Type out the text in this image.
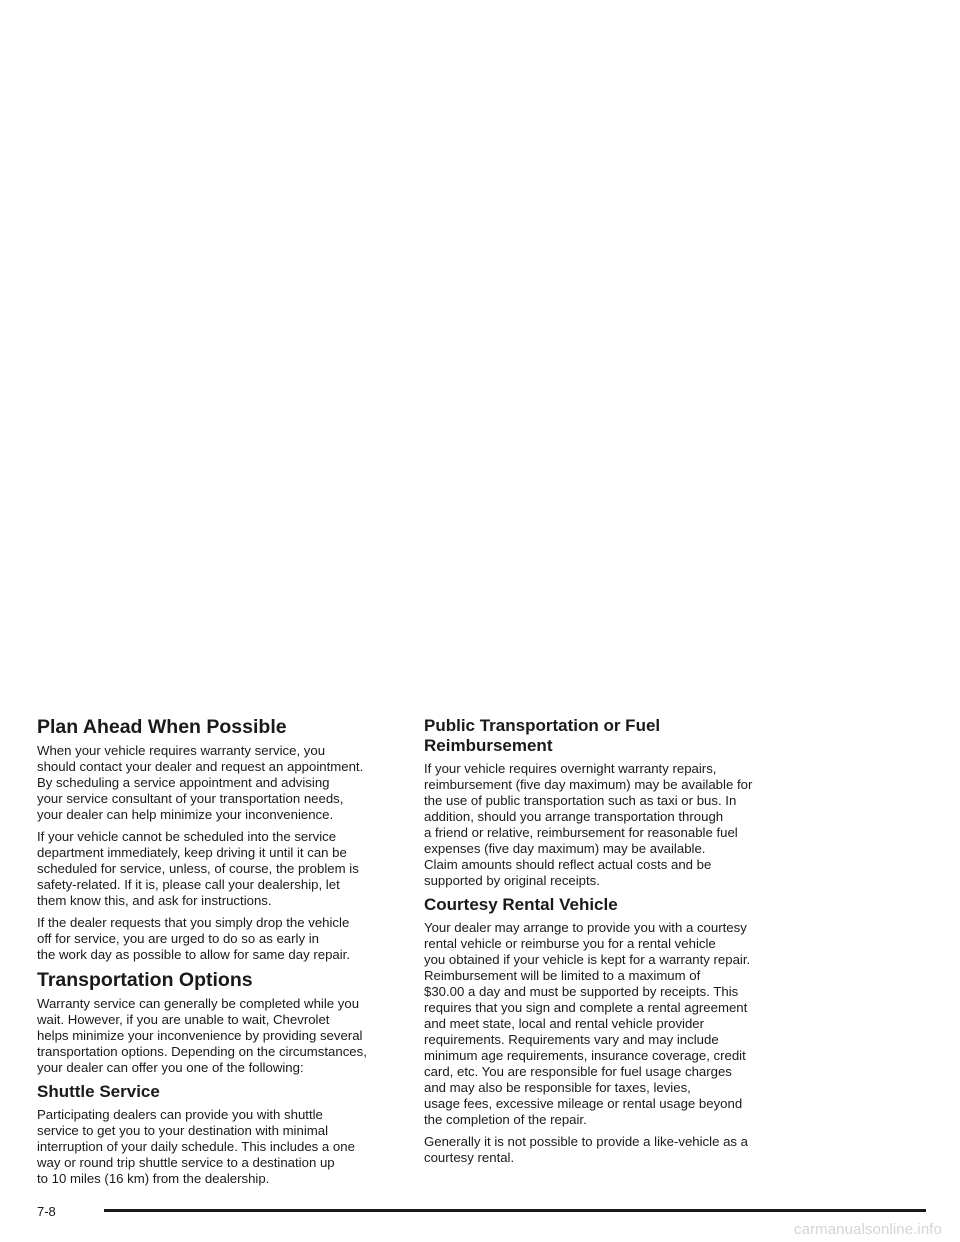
Plan Ahead When Possible

When your vehicle requires warranty service, you
should contact your dealer and request an appointment.
By scheduling a service appointment and advising
your service consultant of your transportation needs,
your dealer can help minimize your inconvenience.

If your vehicle cannot be scheduled into the service
department immediately, keep driving it until it can be
scheduled for service, unless, of course, the problem is
safety-related. If it is, please call your dealership, let
them know this, and ask for instructions.

If the dealer requests that you simply drop the vehicle
off for service, you are urged to do so as early in
the work day as possible to allow for same day repair.

Transportation Options

Warranty service can generally be completed while you
wait. However, if you are unable to wait, Chevrolet
helps minimize your inconvenience by providing several
transportation options. Depending on the circumstances,
your dealer can offer you one of the following:

Shuttle Service

Participating dealers can provide you with shuttle
service to get you to your destination with minimal
interruption of your daily schedule. This includes a one
way or round trip shuttle service to a destination up
to 10 miles (16 km) from the dealership.

Public Transportation or Fuel
Reimbursement

If your vehicle requires overnight warranty repairs,
reimbursement (five day maximum) may be available for
the use of public transportation such as taxi or bus. In
addition, should you arrange transportation through
a friend or relative, reimbursement for reasonable fuel
expenses (five day maximum) may be available.
Claim amounts should reflect actual costs and be
supported by original receipts.

Courtesy Rental Vehicle

Your dealer may arrange to provide you with a courtesy
rental vehicle or reimburse you for a rental vehicle
you obtained if your vehicle is kept for a warranty repair.
Reimbursement will be limited to a maximum of
$30.00 a day and must be supported by receipts. This
requires that you sign and complete a rental agreement
and meet state, local and rental vehicle provider
requirements. Requirements vary and may include
minimum age requirements, insurance coverage, credit
card, etc. You are responsible for fuel usage charges
and may also be responsible for taxes, levies,
usage fees, excessive mileage or rental usage beyond
the completion of the repair.

Generally it is not possible to provide a like-vehicle as a
courtesy rental.

7-8
carmanualsonline.info
